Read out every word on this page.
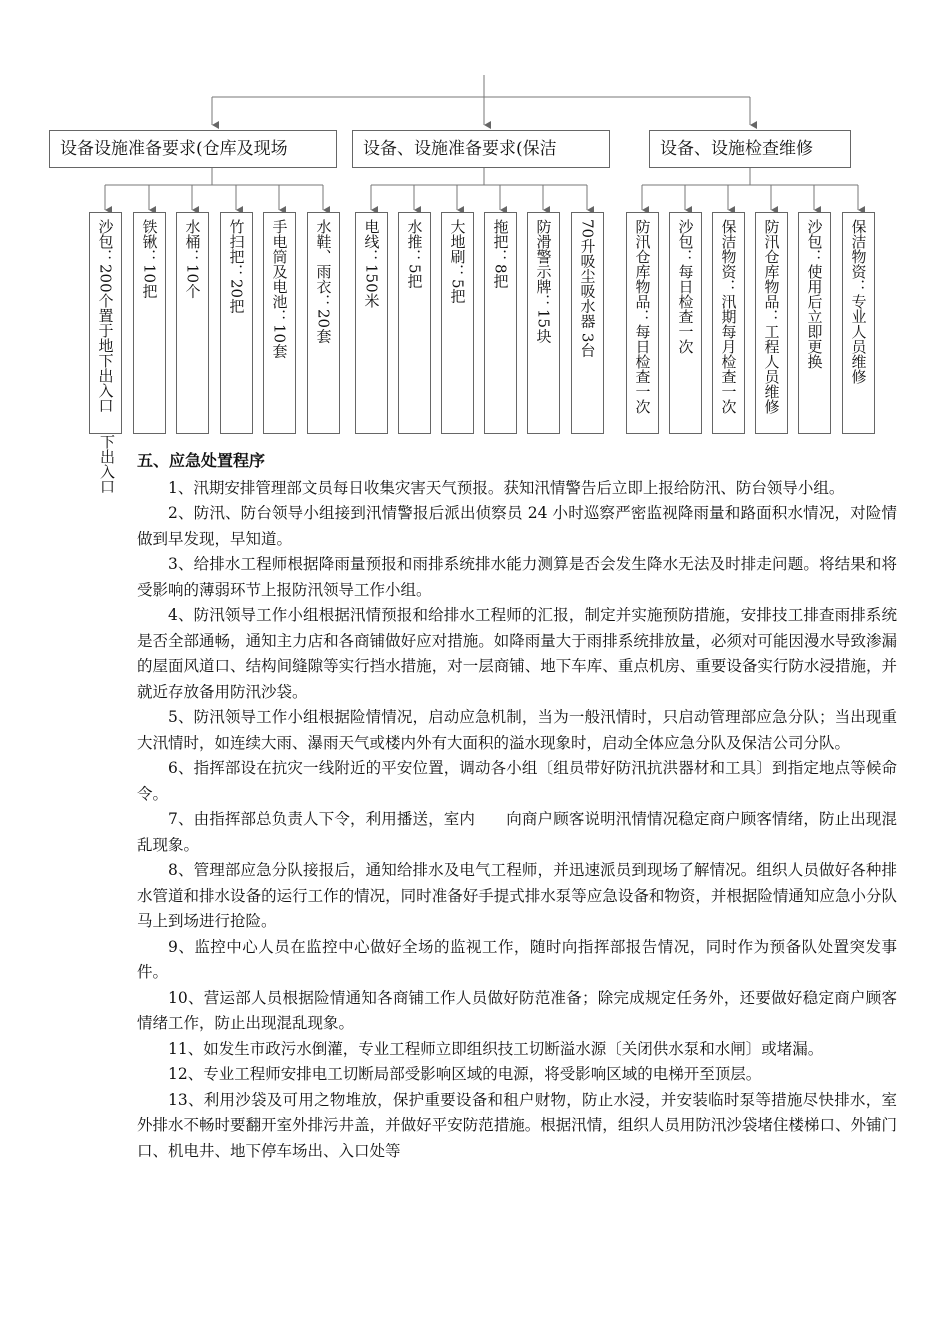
设备设施准备要求(仓库及现场	设备、设施准备要求(保洁	设备、设施检查维修
沙包：200个置于地下出入口	铁锹：10把	水桶：10个	竹扫把：20把	手电筒及电池：10套	水鞋、雨衣：20套	电线：150米	水推：5把	大地刷：5把	拖把：8把	防滑警示牌：15块	70升吸尘吸水器 3台	防汛仓库物品：每日检查一次	沙包：每日检查一次	保洁物资：汛期每月检查一次	防汛仓库物品：工程人员维修	沙包：使用后立即更换	保洁物资：专业人员维修
下出入口	五、应急处置程序

1、汛期安排管理部文员每日收集灾害天气预报。获知汛情警告后立即上报给防汛、防台领导小组。

2、防汛、防台领导小组接到汛情警报后派出侦察员 24 小时巡察严密监视降雨量和路面积水情况，对险情做到早发现，早知道。

3、给排水工程师根据降雨量预报和雨排系统排水能力测算是否会发生降水无法及时排走问题。将结果和将受影响的薄弱环节上报防汛领导工作小组。

4、防汛领导工作小组根据汛情预报和给排水工程师的汇报，制定并实施预防措施，安排技工排查雨排系统是否全部通畅，通知主力店和各商铺做好应对措施。如降雨量大于雨排系统排放量，必须对可能因漫水导致渗漏的屋面风道口、结构间缝隙等实行挡水措施，对一层商铺、地下车库、重点机房、重要设备实行防水浸措施，并就近存放备用防汛沙袋。

5、防汛领导工作小组根据险情情况，启动应急机制，当为一般汛情时，只启动管理部应急分队；当出现重大汛情时，如连续大雨、瀑雨天气或楼内外有大面积的溢水现象时，启动全体应急分队及保洁公司分队。

6、指挥部设在抗灾一线附近的平安位置，调动各小组〔组员带好防汛抗洪器材和工具〕到指定地点等候命令。

7、由指挥部总负责人下令，利用播送，室内　　向商户顾客说明汛情情况稳定商户顾客情绪，防止出现混乱现象。

8、管理部应急分队接报后，通知给排水及电气工程师，并迅速派员到现场了解情况。组织人员做好各种排水管道和排水设备的运行工作的情况，同时准备好手提式排水泵等应急设备和物资，并根据险情通知应急小分队马上到场进行抢险。

9、监控中心人员在监控中心做好全场的监视工作，随时向指挥部报告情况，同时作为预备队处置突发事件。

10、营运部人员根据险情通知各商铺工作人员做好防范准备；除完成规定任务外，还要做好稳定商户顾客情绪工作，防止出现混乱现象。

11、如发生市政污水倒灌，专业工程师立即组织技工切断溢水源〔关闭供水泵和水闸〕或堵漏。

12、专业工程师安排电工切断局部受影响区域的电源，将受影响区域的电梯开至顶层。

13、利用沙袋及可用之物堆放，保护重要设备和租户财物，防止水浸，并安装临时泵等措施尽快排水，室外排水不畅时要翻开室外排污井盖，并做好平安防范措施。根据汛情，组织人员用防汛沙袋堵住楼梯口、外铺门口、机电井、地下停车场出、入口处等
